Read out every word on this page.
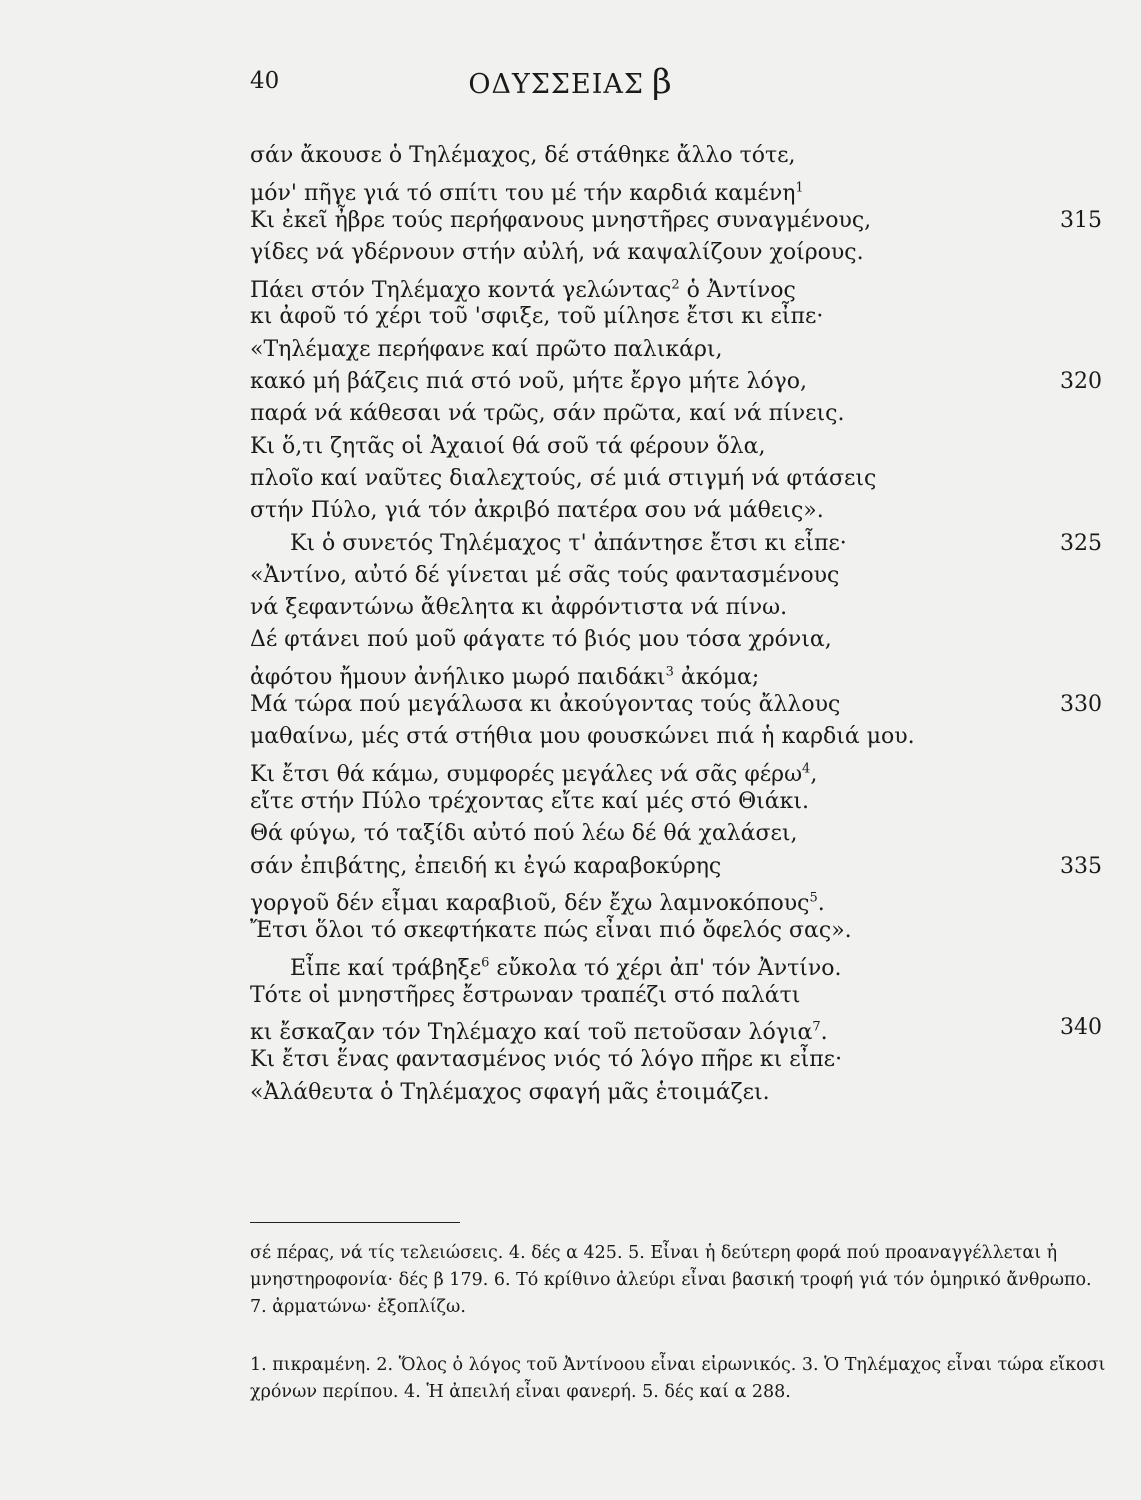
40	ΟΔΥΣΣΕΙΑΣ β
σάν ἄκουσε ὁ Τηλέμαχος, δέ στάθηκε ἄλλο τότε,
μόν' πῆγε γιά τό σπίτι του μέ τήν καρδιά καμένη$^1$
Κι ἐκεῖ ἦβρε τούς περήφανους μνηστῆρες συναγμένους,	315
γίδες νά γδέρνουν στήν αὐλή, νά καψαλίζουν χοίρους.
Πάει στόν Τηλέμαχο κοντά γελώντας$^2$ ὁ Ἀντίνος
κι ἀφοῦ τό χέρι τοῦ 'σφιξε, τοῦ μίλησε ἔτσι κι εἶπε·
«Τηλέμαχε περήφανε καί πρῶτο παλικάρι,
κακό μή βάζεις πιά στό νοῦ, μήτε ἔργο μήτε λόγο,	320
παρά νά κάθεσαι νά τρῶς, σάν πρῶτα, καί νά πίνεις.
Κι ὅ,τι ζητᾶς οἱ Ἀχαιοί θά σοῦ τά φέρουν ὅλα,
πλοῖο καί ναῦτες διαλεχτούς, σέ μιά στιγμή νά φτάσεις
στήν Πύλο, γιά τόν ἀκριβό πατέρα σου νά μάθεις».
Κι ὁ συνετός Τηλέμαχος τ' ἀπάντησε ἔτσι κι εἶπε·	325
«Ἀντίνο, αὐτό δέ γίνεται μέ σᾶς τούς φαντασμένους
νά ξεφαντώνω ἄθελητα κι ἀφρόντιστα νά πίνω.
Δέ φτάνει πού μοῦ φάγατε τό βιός μου τόσα χρόνια,
ἀφότου ἤμουν ἀνήλικο μωρό παιδάκι$^3$ ἀκόμα;
Μά τώρα πού μεγάλωσα κι ἀκούγοντας τούς ἄλλους	330
μαθαίνω, μές στά στήθια μου φουσκώνει πιά ἡ καρδιά μου.
Κι ἔτσι θά κάμω, συμφορές μεγάλες νά σᾶς φέρω$^4$,
εἴτε στήν Πύλο τρέχοντας εἴτε καί μές στό Θιάκι.
Θά φύγω, τό ταξίδι αὐτό πού λέω δέ θά χαλάσει,
σάν ἐπιβάτης, ἐπειδή κι ἐγώ καραβοκύρης	335
γοργοῦ δέν εἶμαι καραβιοῦ, δέν ἔχω λαμνοκόπους$^5$.
Ἔτσι ὅλοι τό σκεφτήκατε πώς εἶναι πιό ὄφελός σας».
Εἶπε καί τράβηξε$^6$ εὔκολα τό χέρι ἀπ' τόν Ἀντίνο.
Τότε οἱ μνηστῆρες ἔστρωναν τραπέζι στό παλάτι
κι ἔσκαζαν τόν Τηλέμαχο καί τοῦ πετοῦσαν λόγια$^7$.	340
Κι ἔτσι ἕνας φαντασμένος νιός τό λόγο πῆρε κι εἶπε·
«Ἀλάθευτα ὁ Τηλέμαχος σφαγή μᾶς ἑτοιμάζει.

σέ πέρας, νά τίς τελειώσεις. 4. δές α 425. 5. Εἶναι ἡ δεύτερη φορά πού προαναγγέλλεται ἡ μνηστηροφονία· δές β 179. 6. Τό κρίθινο ἀλεύρι εἶναι βασική τροφή γιά τόν ὁμηρικό ἄνθρωπο. 7. ἀρματώνω· ἐξοπλίζω.

1. πικραμένη. 2. Ὅλος ὁ λόγος τοῦ Ἀντίνοου εἶναι εἰρωνικός. 3. Ὁ Τηλέμαχος εἶναι τώρα εἴκοσι χρόνων περίπου. 4. Ἡ ἀπειλή εἶναι φανερή. 5. δές καί α 288.
